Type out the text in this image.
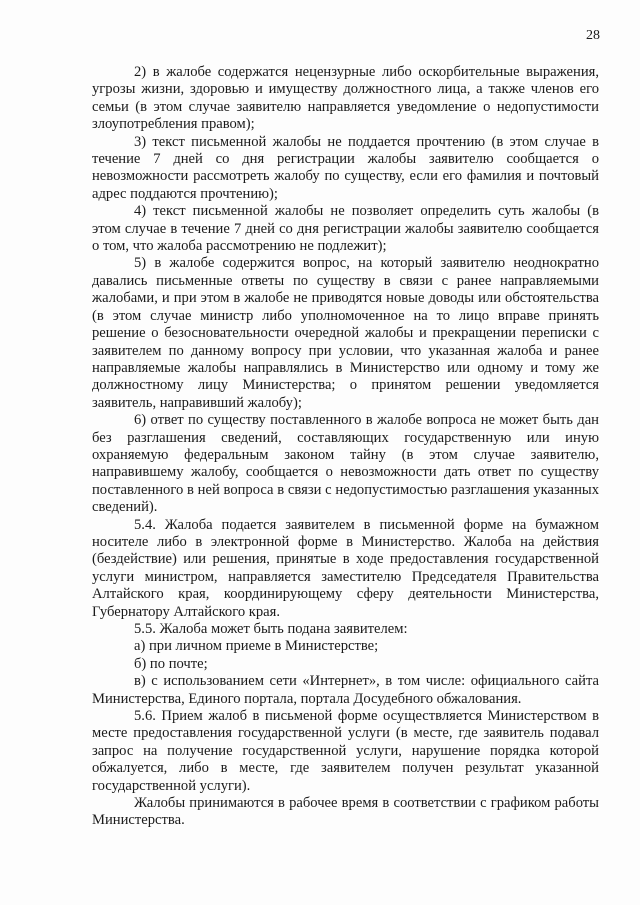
28

2) в жалобе содержатся нецензурные либо оскорбительные выражения, угрозы жизни, здоровью и имуществу должностного лица, а также членов его семьи (в этом случае заявителю направляется уведомление о недопустимости злоупотребления правом);

3) текст письменной жалобы не поддается прочтению (в этом случае в течение 7 дней со дня регистрации жалобы заявителю сообщается о невозможности рассмотреть жалобу по существу, если его фамилия и почтовый адрес поддаются прочтению);

4) текст письменной жалобы не позволяет определить суть жалобы (в этом случае в течение 7 дней со дня регистрации жалобы заявителю сообщается о том, что жалоба рассмотрению не подлежит);

5) в жалобе содержится вопрос, на который заявителю неоднократно давались письменные ответы по существу в связи с ранее направляемыми жалобами, и при этом в жалобе не приводятся новые доводы или обстоятельства (в этом случае министр либо уполномоченное на то лицо вправе принять решение о безосновательности очередной жалобы и прекращении переписки с заявителем по данному вопросу при условии, что указанная жалоба и ранее направляемые жалобы направлялись в Министерство или одному и тому же должностному лицу Министерства; о принятом решении уведомляется заявитель, направивший жалобу);

6) ответ по существу поставленного в жалобе вопроса не может быть дан без разглашения сведений, составляющих государственную или иную охраняемую федеральным законом тайну (в этом случае заявителю, направившему жалобу, сообщается о невозможности дать ответ по существу поставленного в ней вопроса в связи с недопустимостью разглашения указанных сведений).

5.4. Жалоба подается заявителем в письменной форме на бумажном носителе либо в электронной форме в Министерство. Жалоба на действия (бездействие) или решения, принятые в ходе предоставления государственной услуги министром, направляется заместителю Председателя Правительства Алтайского края, координирующему сферу деятельности Министерства, Губернатору Алтайского края.

5.5. Жалоба может быть подана заявителем:

а) при личном приеме в Министерстве;

б) по почте;

в) с использованием сети «Интернет», в том числе: официального сайта Министерства, Единого портала, портала Досудебного обжалования.

5.6. Прием жалоб в письменой форме осуществляется Министерством в месте предоставления государственной услуги (в месте, где заявитель подавал запрос на получение государственной услуги, нарушение порядка которой обжалуется, либо в месте, где заявителем получен результат указанной государственной услуги).

Жалобы принимаются в рабочее время в соответствии с графиком работы Министерства.
